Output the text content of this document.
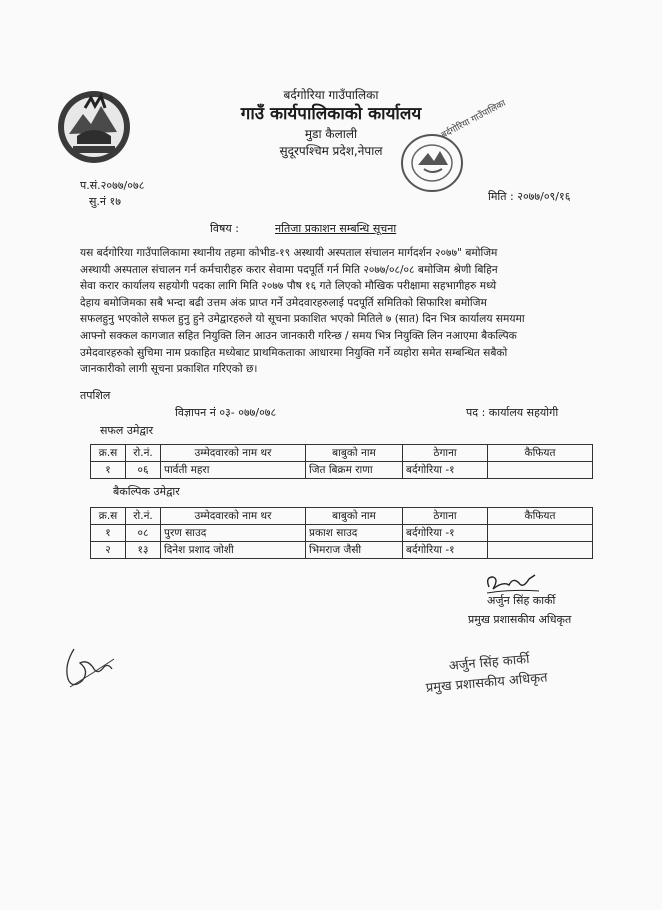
बर्दगोरिया गाउँपालिका
गाउँ कार्यपालिकाको कार्यालय
मुडा कैलाली
सुदूरपश्चिम प्रदेश,नेपाल
बर्दगोरिया गाउँपालिका
प.सं.२०७७/०७८
सु.नं १७	मिति : २०७७/०९/१६
विषय :	नतिजा प्रकाशन सम्बन्धि सूचना
यस बर्दगोरिया गाउँपालिकामा स्थानीय तहमा कोभीड-१९ अस्थायी अस्पताल संचालन मार्गदर्शन २०७७" बमोजिम
अस्थायी अस्पताल संचालन गर्न कर्मचारीहरु करार सेवामा पदपूर्ति गर्न मिति २०७७/०८/०८ बमोजिम श्रेणी बिहिन
सेवा करार कार्यालय सहयोगी पदका लागि मिति २०७७ पौष १६ गते लिएको मौखिक परीक्षामा सहभागीहरु मध्ये
देहाय बमोजिमका सबै भन्दा बढी उत्तम अंक प्राप्त गर्ने उमेदवारहरुलाई पदपूर्ति समितिको सिफारिश बमोजिम
सफलहुनु भएकोले सफल हुनु हुने उमेद्वारहरुले यो सूचना प्रकाशित भएको मितिले ७ (सात) दिन भित्र कार्यालय समयमा
आफ्नो सक्कल कागजात सहित नियुक्ति लिन आउन जानकारी गरिन्छ / समय भित्र नियुक्ति लिन नआएमा बैकल्पिक
उमेदवारहरुको सुचिमा नाम प्रकाहित मध्येबाट प्राथमिकताका आधारमा नियुक्ति गर्ने व्यहोरा समेत सम्बन्धित सबैको
जानकारीको लागी सूचना प्रकाशित गरिएको छ।
तपशिल
विज्ञापन नं ०३- ०७७/०७८	पद : कार्यालय सहयोगी
सफल उमेद्वार
क्र.स	रो.नं.	उम्मेदवारको नाम थर	बाबुको नाम	ठेगाना	कैफियत
१	०६	पार्वती महरा	जित बिक्रम राणा	बर्दगोरिया -१	
बैकल्पिक उमेद्वार
क्र.स	रो.नं.	उम्मेदवारको नाम थर	बाबुको नाम	ठेगाना	कैफियत
१	०८	पुरण साउद	प्रकाश साउद	बर्दगोरिया -१	
२	१३	दिनेश प्रशाद जोशी	भिमराज जैसी	बर्दगोरिया -१	
अर्जुन सिंह कार्की
प्रमुख प्रशासकीय अधिकृत
अर्जुन सिंह कार्की
प्रमुख प्रशासकीय अधिकृत
